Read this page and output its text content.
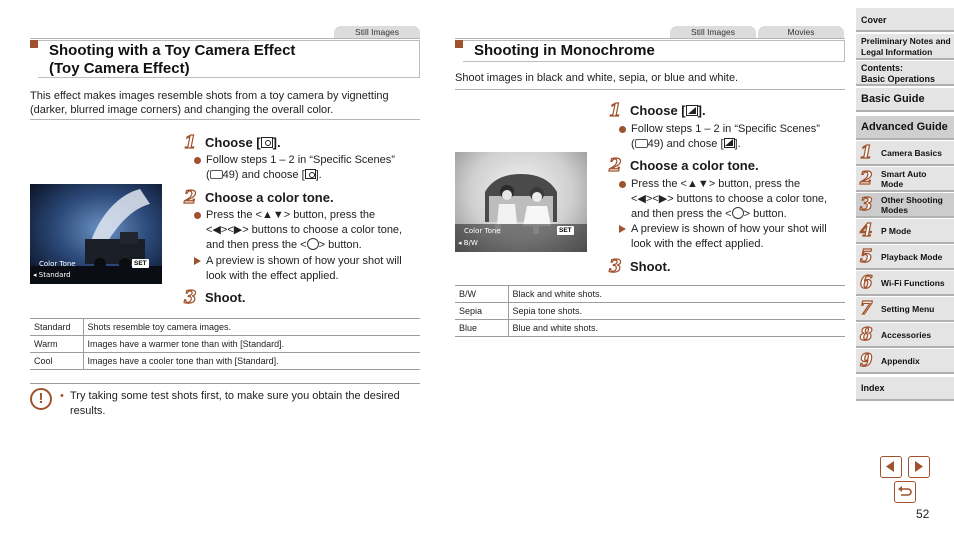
Still Images
Shooting with a Toy Camera Effect
(Toy Camera Effect)
This effect makes images resemble shots from a toy camera by vignetting
(darker, blurred image corners) and changing the overall color.
1 Choose [ ].
Follow steps 1 – 2 in “Specific Scenes”
( 49) and choose [ ].
Color Tone	SET
◂ Standard
2 Choose a color tone.
Press the <▲▼> button, press the
<◀><▶> buttons to choose a color tone,
and then press the < > button.
A preview is shown of how your shot will
look with the effect applied.
3 Shoot.
Standard	Shots resemble toy camera images.
Warm	Images have a warmer tone than with [Standard].
Cool	Images have a cooler tone than with [Standard].
!	• Try taking some test shots first, to make sure you obtain the desired
results.
Still Images	Movies
Shooting in Monochrome
Shoot images in black and white, sepia, or blue and white.
1 Choose [ ].
Follow steps 1 – 2 in “Specific Scenes”
( 49) and chose [ ].
Color Tone	SET
◂ B/W
2 Choose a color tone.
Press the <▲▼> button, press the
<◀><▶> buttons to choose a color tone,
and then press the < > button.
A preview is shown of how your shot will
look with the effect applied.
3 Shoot.
B/W	Black and white shots.
Sepia	Sepia tone shots.
Blue	Blue and white shots.
Cover
Preliminary Notes and
Legal Information
Contents:
Basic Operations
Basic Guide
Advanced Guide
1 Camera Basics
2 Smart Auto
Mode
3 Other Shooting
Modes
4 P Mode
5 Playback Mode
6 Wi-Fi Functions
7 Setting Menu
8 Accessories
9 Appendix
Index
52
